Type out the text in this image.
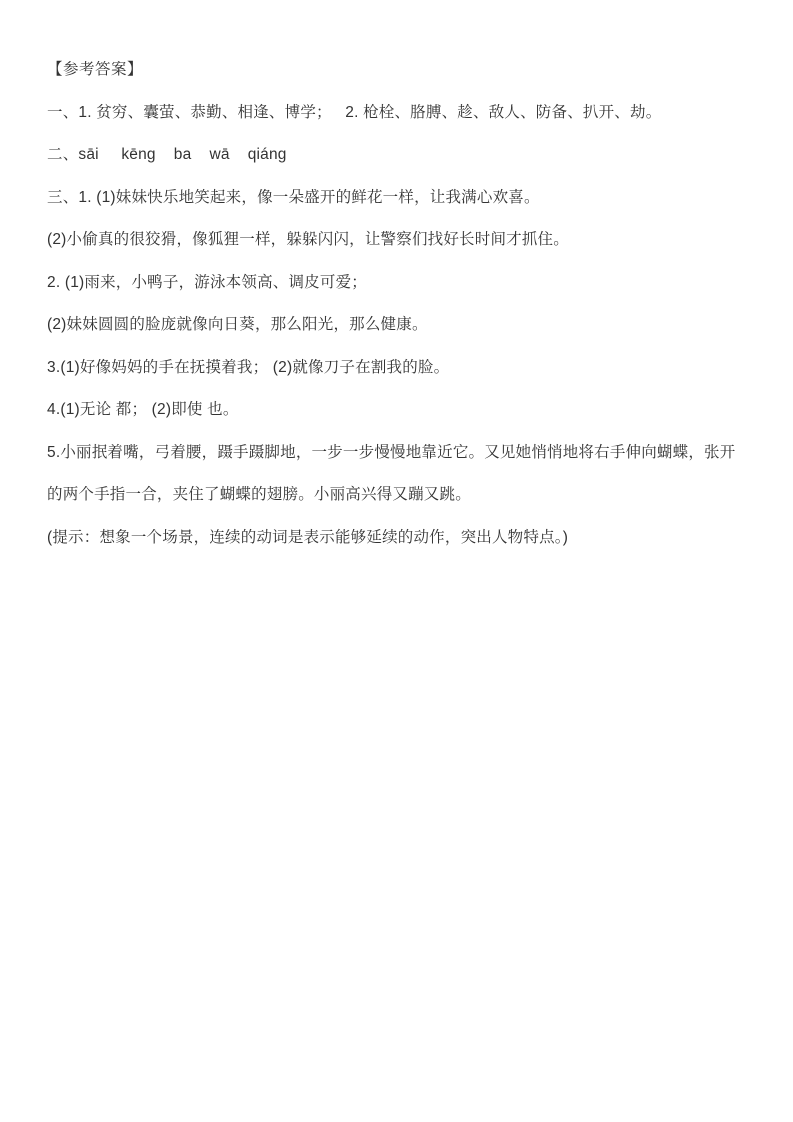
【参考答案】
一、1. 贫穷、囊萤、恭勤、相逢、博学；   2. 枪栓、胳膊、趁、敌人、防备、扒开、劫。
二、sāi     kēng    ba    wā    qiáng
三、1. (1)妹妹快乐地笑起来，像一朵盛开的鲜花一样，让我满心欢喜。
(2)小偷真的很狡猾，像狐狸一样，躲躲闪闪，让警察们找好长时间才抓住。
2. (1)雨来，小鸭子，游泳本领高、调皮可爱；
(2)妹妹圆圆的脸庞就像向日葵，那么阳光，那么健康。
3.(1)好像妈妈的手在抚摸着我； (2)就像刀子在割我的脸。
4.(1)无论 都； (2)即使 也。
5.小丽抿着嘴，弓着腰，蹑手蹑脚地，一步一步慢慢地靠近它。又见她悄悄地将右手伸向蝴蝶，张开的两个手指一合，夹住了蝴蝶的翅膀。小丽高兴得又蹦又跳。
(提示：想象一个场景，连续的动词是表示能够延续的动作，突出人物特点。)
